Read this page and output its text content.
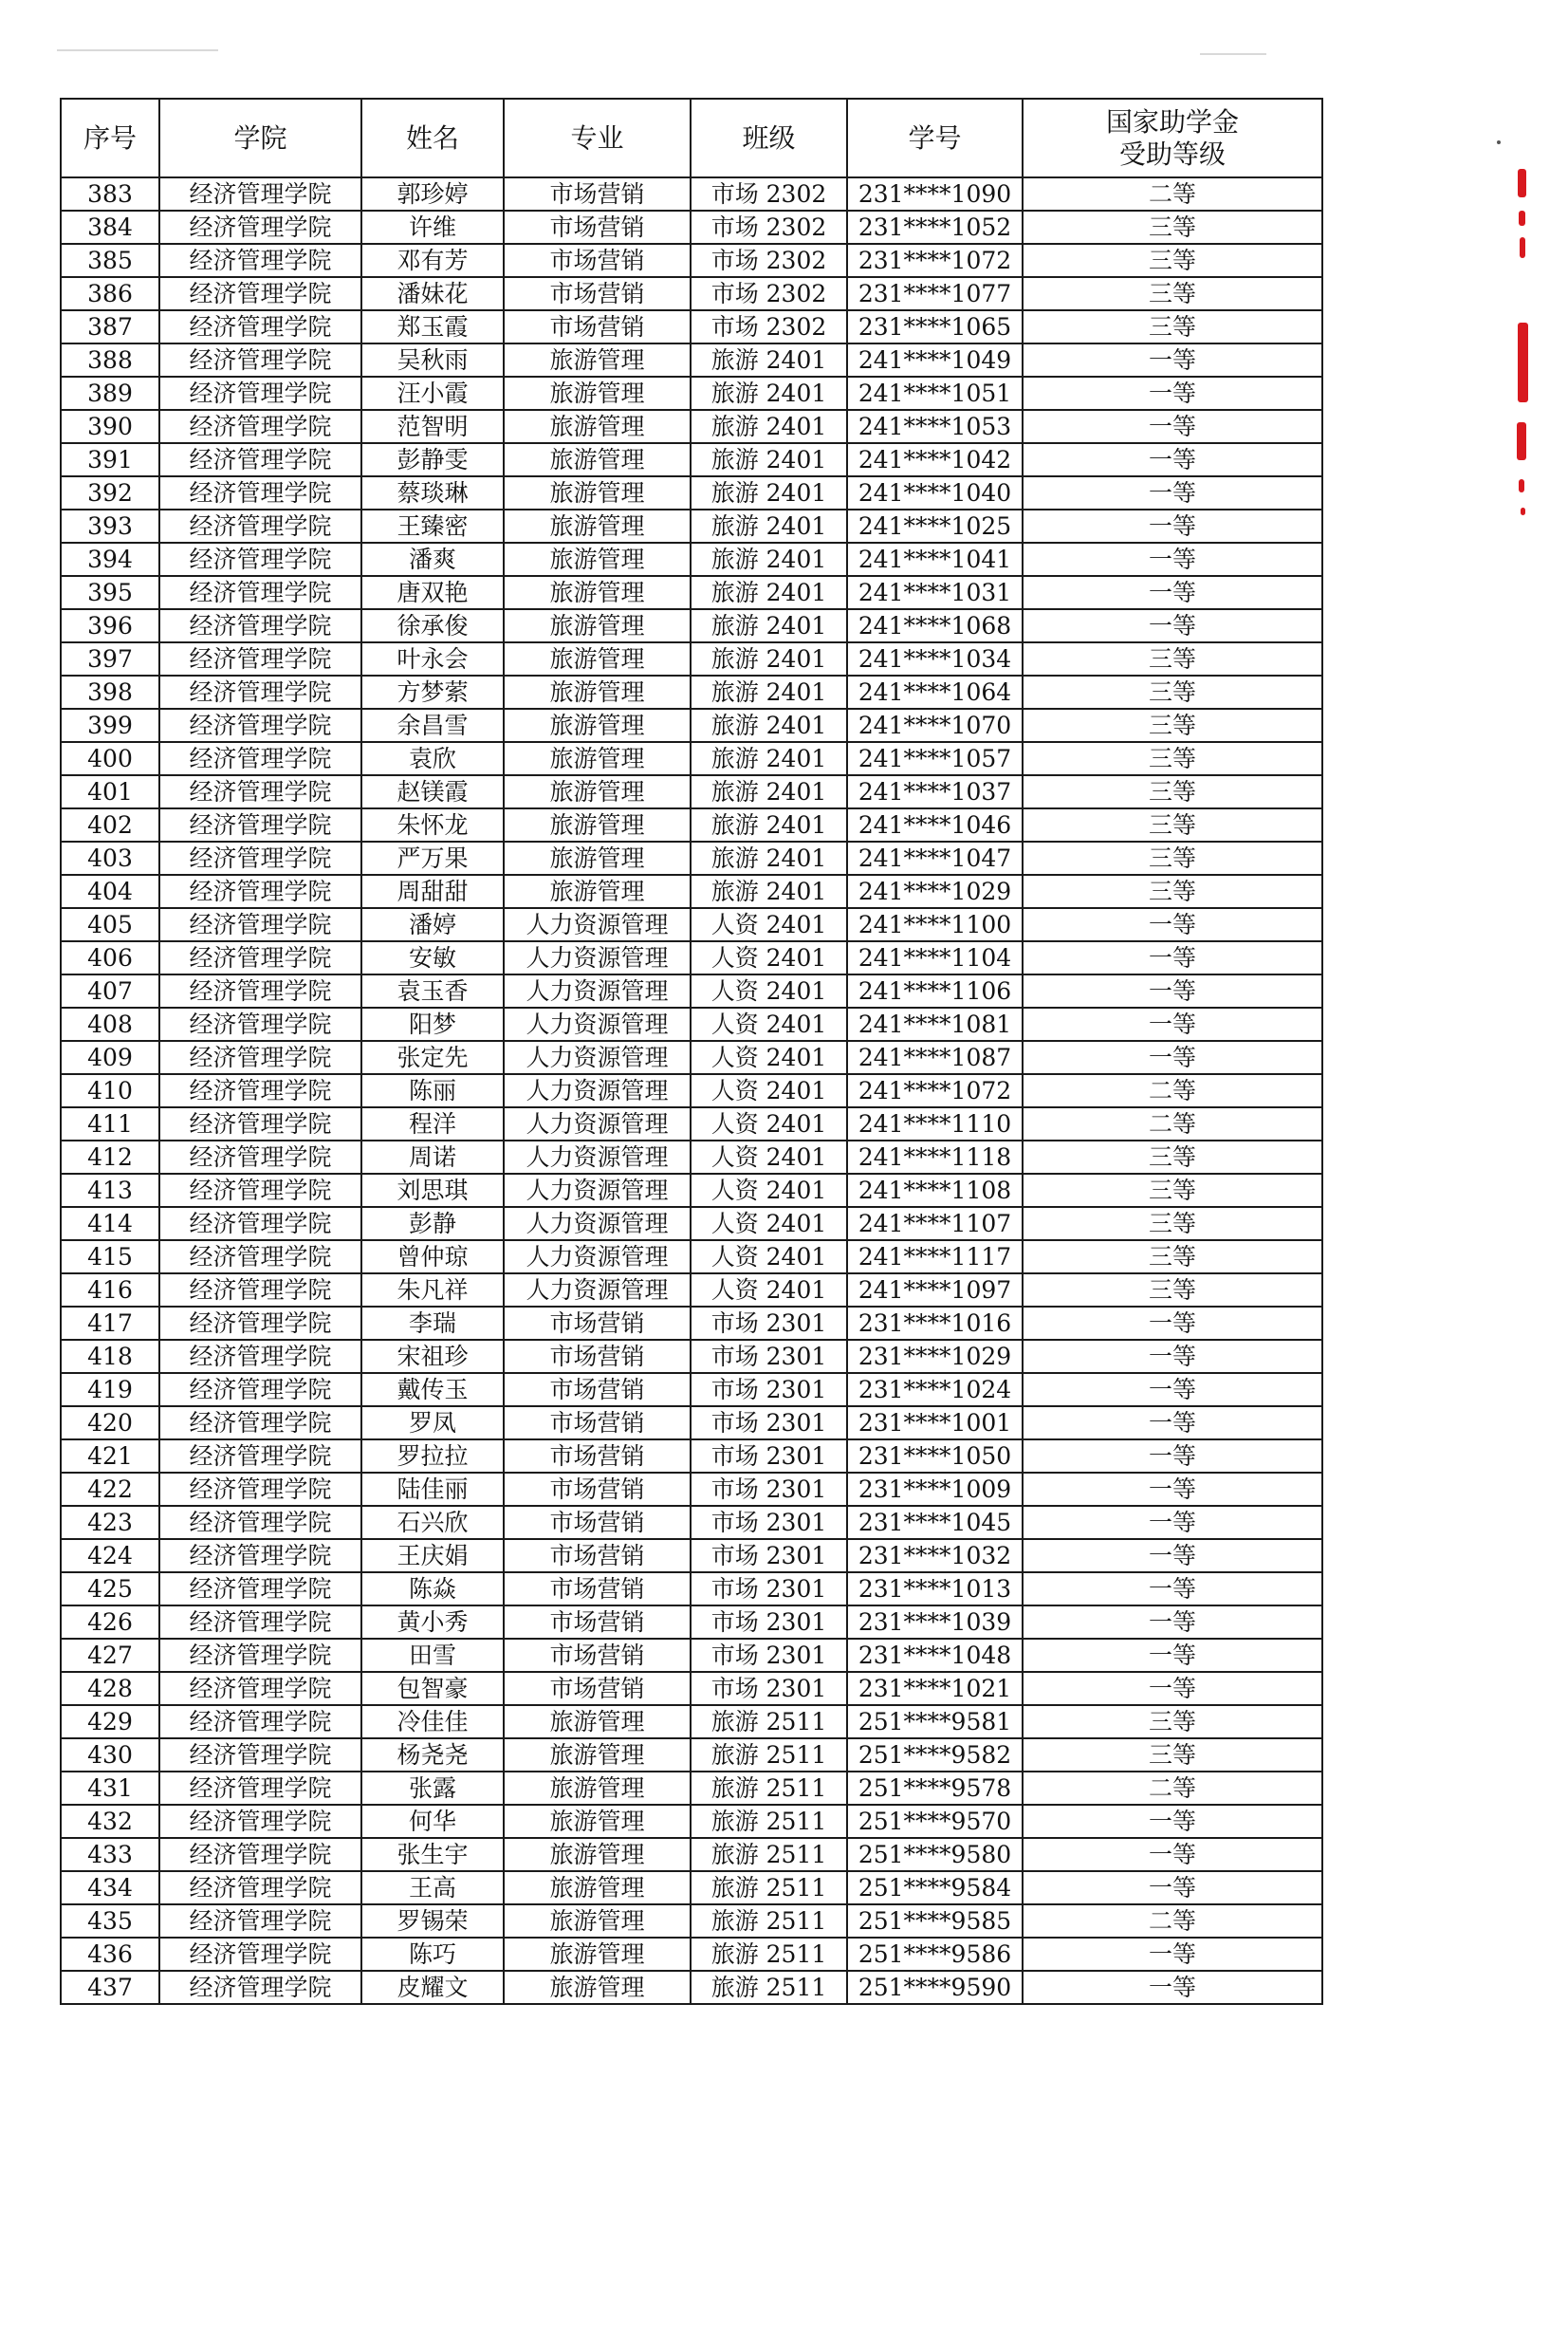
序号	学院	姓名	专业	班级	学号	国家助学金
受助等级

383	经济管理学院	郭珍婷	市场营销	市场 2302	231****1090	二等
384	经济管理学院	许维	市场营销	市场 2302	231****1052	三等
385	经济管理学院	邓有芳	市场营销	市场 2302	231****1072	三等
386	经济管理学院	潘妹花	市场营销	市场 2302	231****1077	三等
387	经济管理学院	郑玉霞	市场营销	市场 2302	231****1065	三等
388	经济管理学院	吴秋雨	旅游管理	旅游 2401	241****1049	一等
389	经济管理学院	汪小霞	旅游管理	旅游 2401	241****1051	一等
390	经济管理学院	范智明	旅游管理	旅游 2401	241****1053	一等
391	经济管理学院	彭静雯	旅游管理	旅游 2401	241****1042	一等
392	经济管理学院	蔡琰琳	旅游管理	旅游 2401	241****1040	一等
393	经济管理学院	王臻密	旅游管理	旅游 2401	241****1025	一等
394	经济管理学院	潘爽	旅游管理	旅游 2401	241****1041	一等
395	经济管理学院	唐双艳	旅游管理	旅游 2401	241****1031	一等
396	经济管理学院	徐承俊	旅游管理	旅游 2401	241****1068	一等
397	经济管理学院	叶永会	旅游管理	旅游 2401	241****1034	三等
398	经济管理学院	方梦萦	旅游管理	旅游 2401	241****1064	三等
399	经济管理学院	余昌雪	旅游管理	旅游 2401	241****1070	三等
400	经济管理学院	袁欣	旅游管理	旅游 2401	241****1057	三等
401	经济管理学院	赵镁霞	旅游管理	旅游 2401	241****1037	三等
402	经济管理学院	朱怀龙	旅游管理	旅游 2401	241****1046	三等
403	经济管理学院	严万果	旅游管理	旅游 2401	241****1047	三等
404	经济管理学院	周甜甜	旅游管理	旅游 2401	241****1029	三等
405	经济管理学院	潘婷	人力资源管理	人资 2401	241****1100	一等
406	经济管理学院	安敏	人力资源管理	人资 2401	241****1104	一等
407	经济管理学院	袁玉香	人力资源管理	人资 2401	241****1106	一等
408	经济管理学院	阳梦	人力资源管理	人资 2401	241****1081	一等
409	经济管理学院	张定先	人力资源管理	人资 2401	241****1087	一等
410	经济管理学院	陈丽	人力资源管理	人资 2401	241****1072	二等
411	经济管理学院	程洋	人力资源管理	人资 2401	241****1110	二等
412	经济管理学院	周诺	人力资源管理	人资 2401	241****1118	三等
413	经济管理学院	刘思琪	人力资源管理	人资 2401	241****1108	三等
414	经济管理学院	彭静	人力资源管理	人资 2401	241****1107	三等
415	经济管理学院	曾仲琼	人力资源管理	人资 2401	241****1117	三等
416	经济管理学院	朱凡祥	人力资源管理	人资 2401	241****1097	三等
417	经济管理学院	李瑞	市场营销	市场 2301	231****1016	一等
418	经济管理学院	宋祖珍	市场营销	市场 2301	231****1029	一等
419	经济管理学院	戴传玉	市场营销	市场 2301	231****1024	一等
420	经济管理学院	罗凤	市场营销	市场 2301	231****1001	一等
421	经济管理学院	罗拉拉	市场营销	市场 2301	231****1050	一等
422	经济管理学院	陆佳丽	市场营销	市场 2301	231****1009	一等
423	经济管理学院	石兴欣	市场营销	市场 2301	231****1045	一等
424	经济管理学院	王庆娟	市场营销	市场 2301	231****1032	一等
425	经济管理学院	陈焱	市场营销	市场 2301	231****1013	一等
426	经济管理学院	黄小秀	市场营销	市场 2301	231****1039	一等
427	经济管理学院	田雪	市场营销	市场 2301	231****1048	一等
428	经济管理学院	包智豪	市场营销	市场 2301	231****1021	一等
429	经济管理学院	冷佳佳	旅游管理	旅游 2511	251****9581	三等
430	经济管理学院	杨尧尧	旅游管理	旅游 2511	251****9582	三等
431	经济管理学院	张露	旅游管理	旅游 2511	251****9578	二等
432	经济管理学院	何华	旅游管理	旅游 2511	251****9570	一等
433	经济管理学院	张生宇	旅游管理	旅游 2511	251****9580	一等
434	经济管理学院	王高	旅游管理	旅游 2511	251****9584	一等
435	经济管理学院	罗锡荣	旅游管理	旅游 2511	251****9585	二等
436	经济管理学院	陈巧	旅游管理	旅游 2511	251****9586	一等
437	经济管理学院	皮耀文	旅游管理	旅游 2511	251****9590	一等
